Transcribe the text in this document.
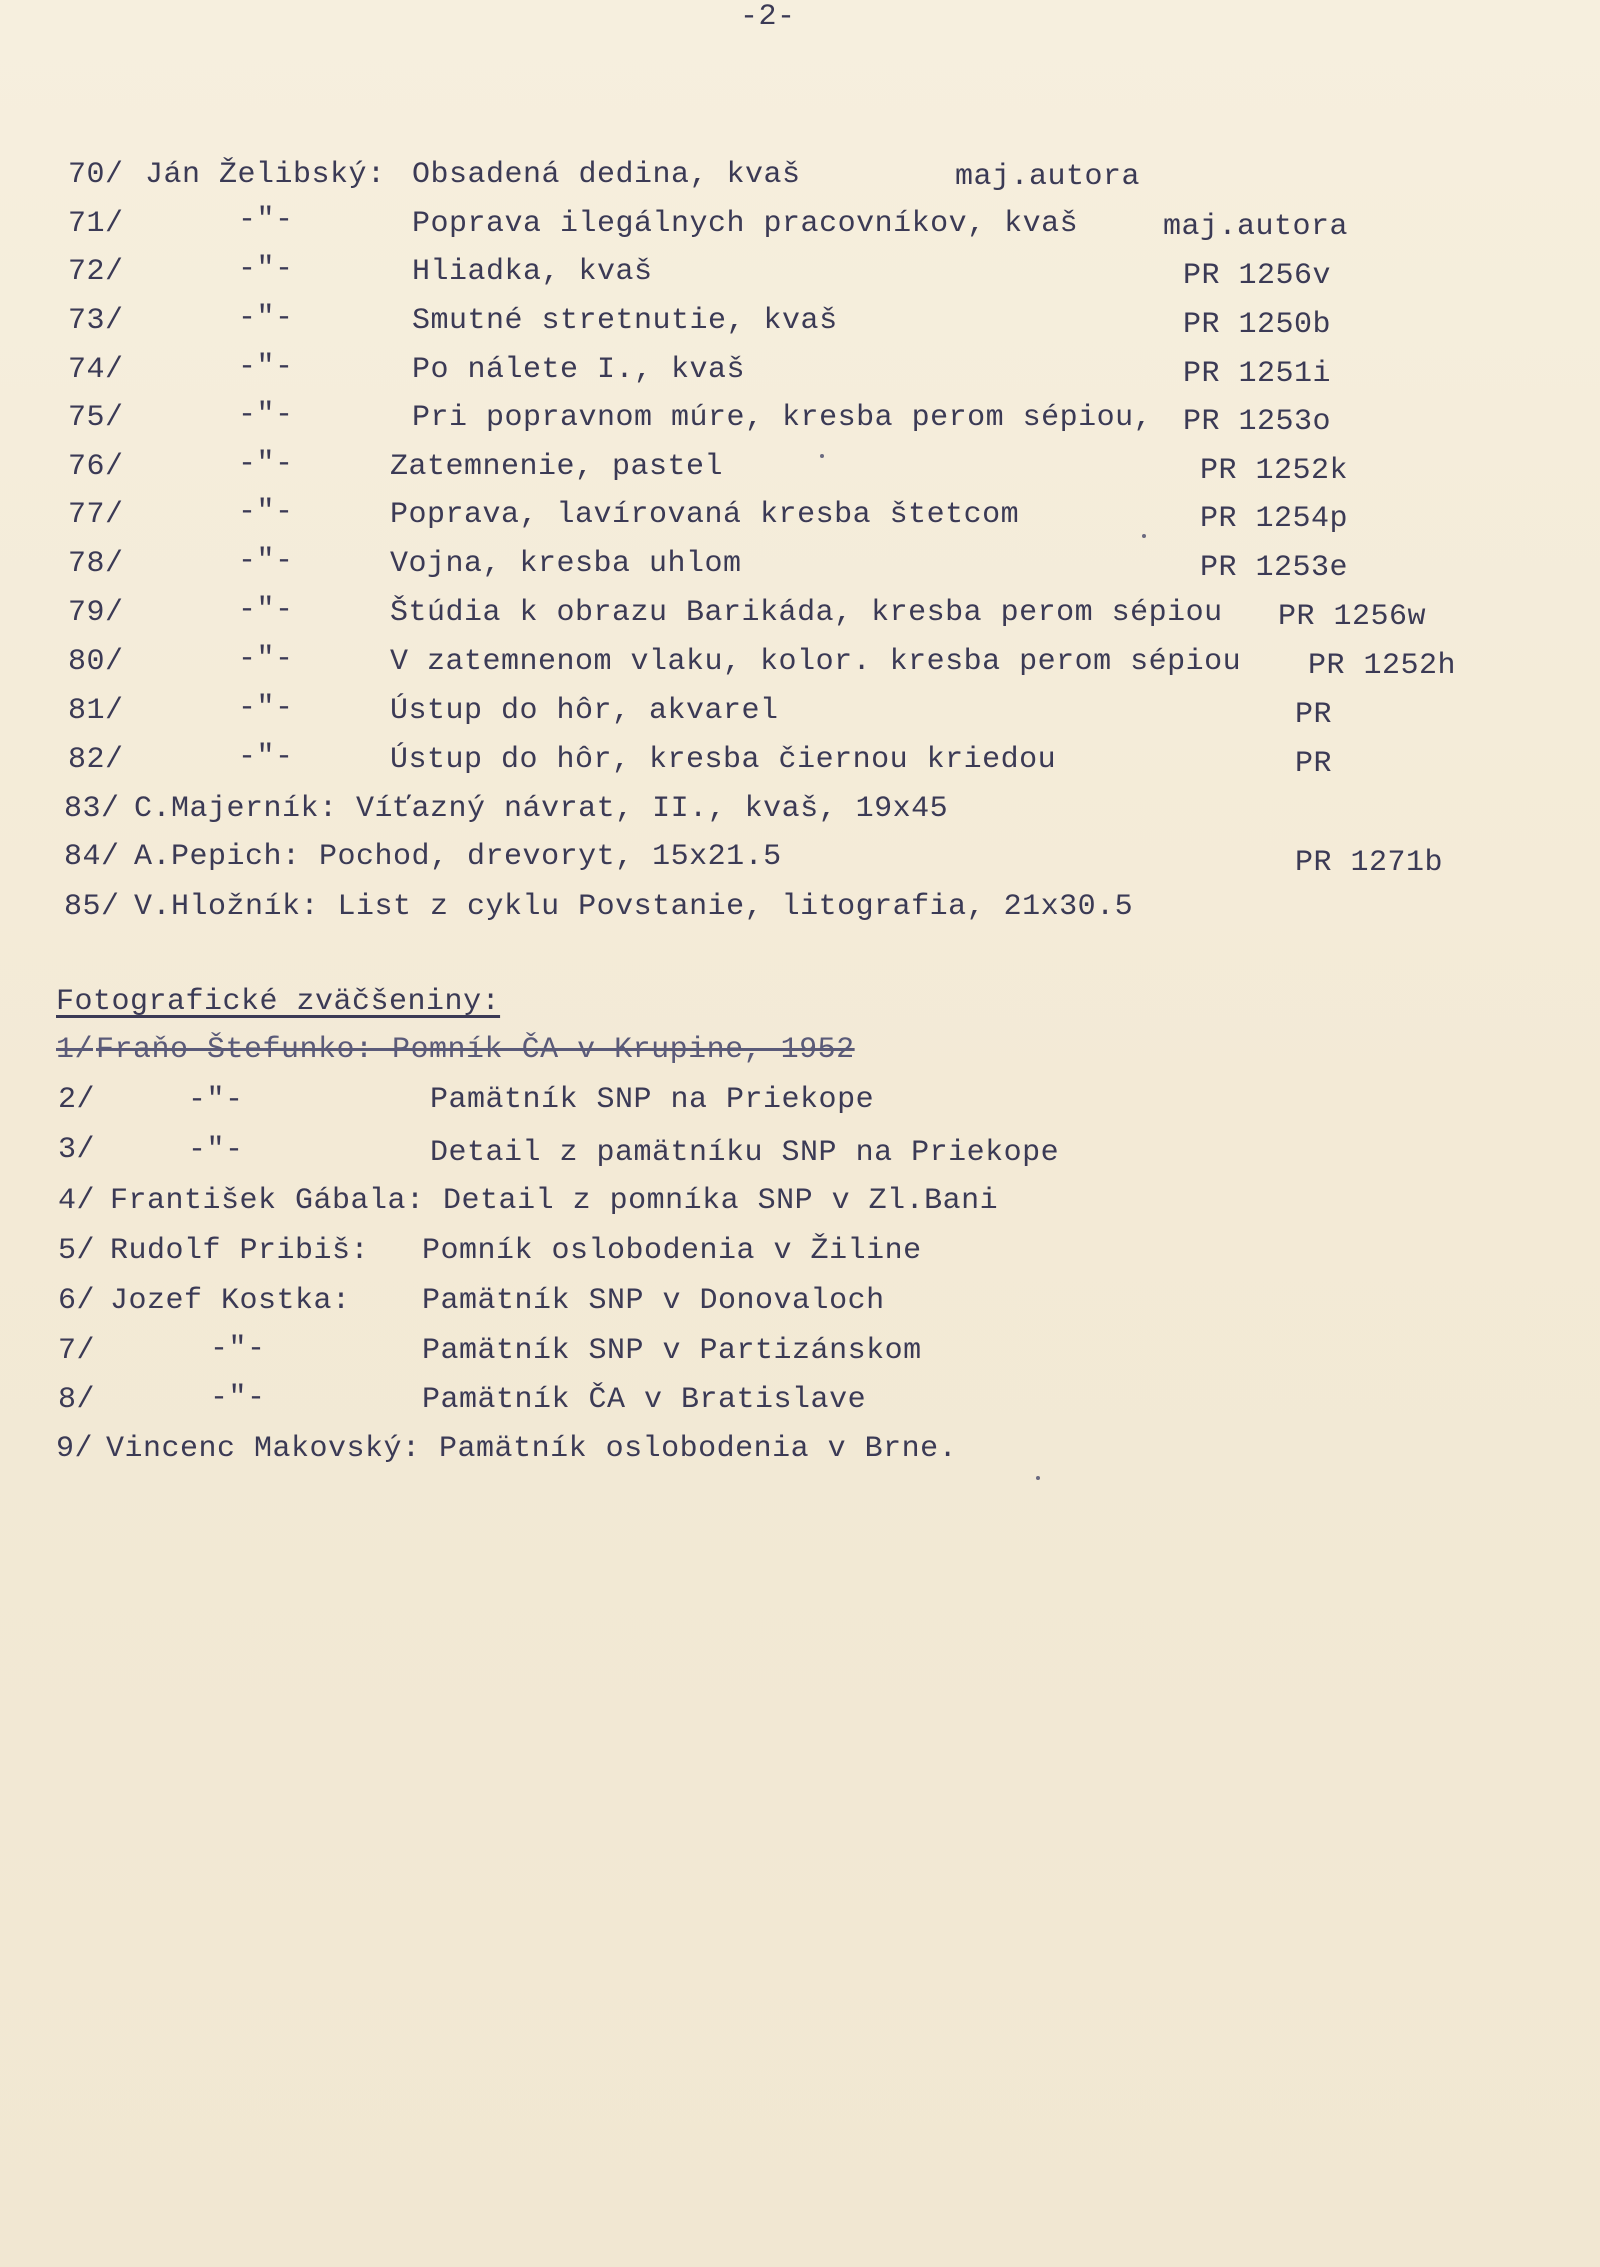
-2-
70/ Ján Želibský: Obsadená dedina, kvaš	maj.autora
71/	-"-	Poprava ilegálnych pracovníkov, kvaš	maj.autora
72/	-"-	Hliadka, kvaš	PR 1256v
73/	-"-	Smutné stretnutie, kvaš	PR 1250b
74/	-"-	Po nálete I., kvaš	PR 1251i
75/	-"-	Pri popravnom múre, kresba perom sépiou, PR 1253o
76/	-"-	Zatemnenie, pastel	PR 1252k
77/	-"-	Poprava, lavírovaná kresba štetcom	PR 1254p
78/	-"-	Vojna, kresba uhlom	PR 1253e
79/	-"-	Štúdia k obrazu Barikáda, kresba perom sépiou PR 1256w
80/	-"-	V zatemnenom vlaku, kolor. kresba perom sépiou PR 1252h
81/	-"-	Ústup do hôr, akvarel	PR
82/	-"-	Ústup do hôr, kresba čiernou kriedou	PR
83/ C.Majerník: Víťazný návrat, II., kvaš, 19x45
84/ A.Pepich: Pochod, drevoryt, 15x21.5	PR 1271b
85/ V.Hložník: List z cyklu Povstanie, litografia, 21x30.5
Fotografické zväčšeniny:
1/ Fraňo Štefunko: Pomník ČA v Krupine, 1952
2/	-"-	Pamätník SNP na Priekope
3/	-"-	Detail z pamätníku SNP na Priekope
4/ František Gábala: Detail z pomníka SNP v Zl.Bani
5/ Rudolf Pribiš: Pomník oslobodenia v Žiline
6/ Jozef Kostka: Pamätník SNP v Donovaloch
7/	-"-	Pamätník SNP v Partizánskom
8/	-"-	Pamätník ČA v Bratislave
9/ Vincenc Makovský: Pamätník oslobodenia v Brne.
